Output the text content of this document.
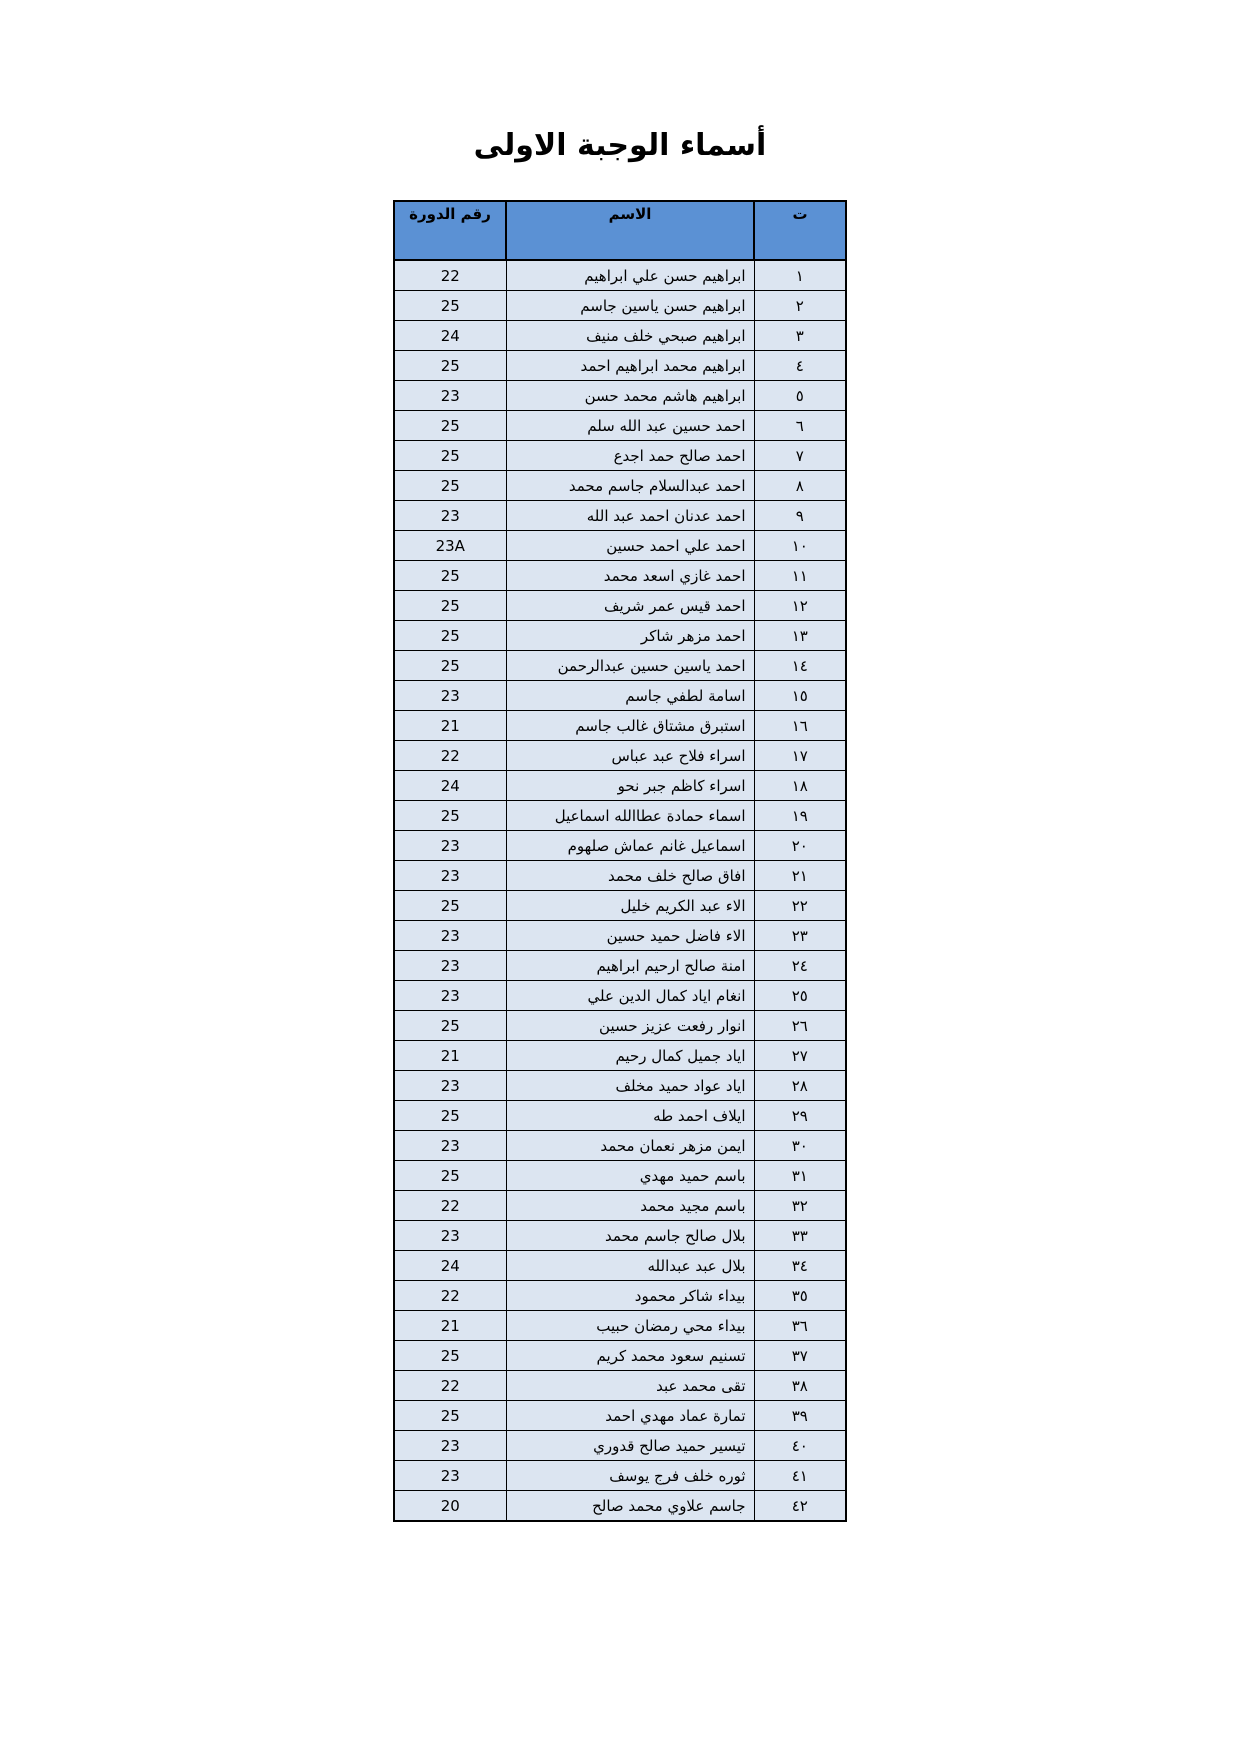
أسماء الوجبة الاولى
ت	الاسم	رقم الدورة
١	ابراهيم حسن علي ابراهيم	22
٢	ابراهيم حسن ياسين جاسم	25
٣	ابراهيم صبحي خلف منيف	24
٤	ابراهيم محمد ابراهيم احمد	25
٥	ابراهيم هاشم محمد حسن	23
٦	احمد حسين عبد الله سلم	25
٧	احمد صالح حمد اجدع	25
٨	احمد عبدالسلام جاسم محمد	25
٩	احمد عدنان احمد عبد الله	23
١٠	احمد علي احمد حسين	23A
١١	احمد غازي اسعد محمد	25
١٢	احمد قيس عمر شريف	25
١٣	احمد مزهر شاكر	25
١٤	احمد ياسين حسين عبدالرحمن	25
١٥	اسامة لطفي جاسم	23
١٦	استبرق مشتاق غالب جاسم	21
١٧	اسراء فلاح عبد عباس	22
١٨	اسراء كاظم جبر نحو	24
١٩	اسماء حمادة عطاالله اسماعيل	25
٢٠	اسماعيل غانم عماش صلهوم	23
٢١	افاق صالح خلف محمد	23
٢٢	الاء عبد الكريم خليل	25
٢٣	الاء فاضل حميد حسين	23
٢٤	امنة صالح ارحيم ابراهيم	23
٢٥	انغام اياد كمال الدين علي	23
٢٦	انوار رفعت عزيز حسين	25
٢٧	اياد جميل كمال رحيم	21
٢٨	اياد عواد حميد مخلف	23
٢٩	ايلاف احمد طه	25
٣٠	ايمن مزهر نعمان محمد	23
٣١	باسم حميد مهدي	25
٣٢	باسم مجيد محمد	22
٣٣	بلال صالح جاسم محمد	23
٣٤	بلال عبد عبدالله	24
٣٥	بيداء شاكر محمود	22
٣٦	بيداء محي رمضان حبيب	21
٣٧	تسنيم سعود محمد كريم	25
٣٨	تقى محمد عبد	22
٣٩	تمارة عماد مهدي احمد	25
٤٠	تيسير حميد صالح قدوري	23
٤١	ثوره خلف فرج يوسف	23
٤٢	جاسم علاوي محمد صالح	20
